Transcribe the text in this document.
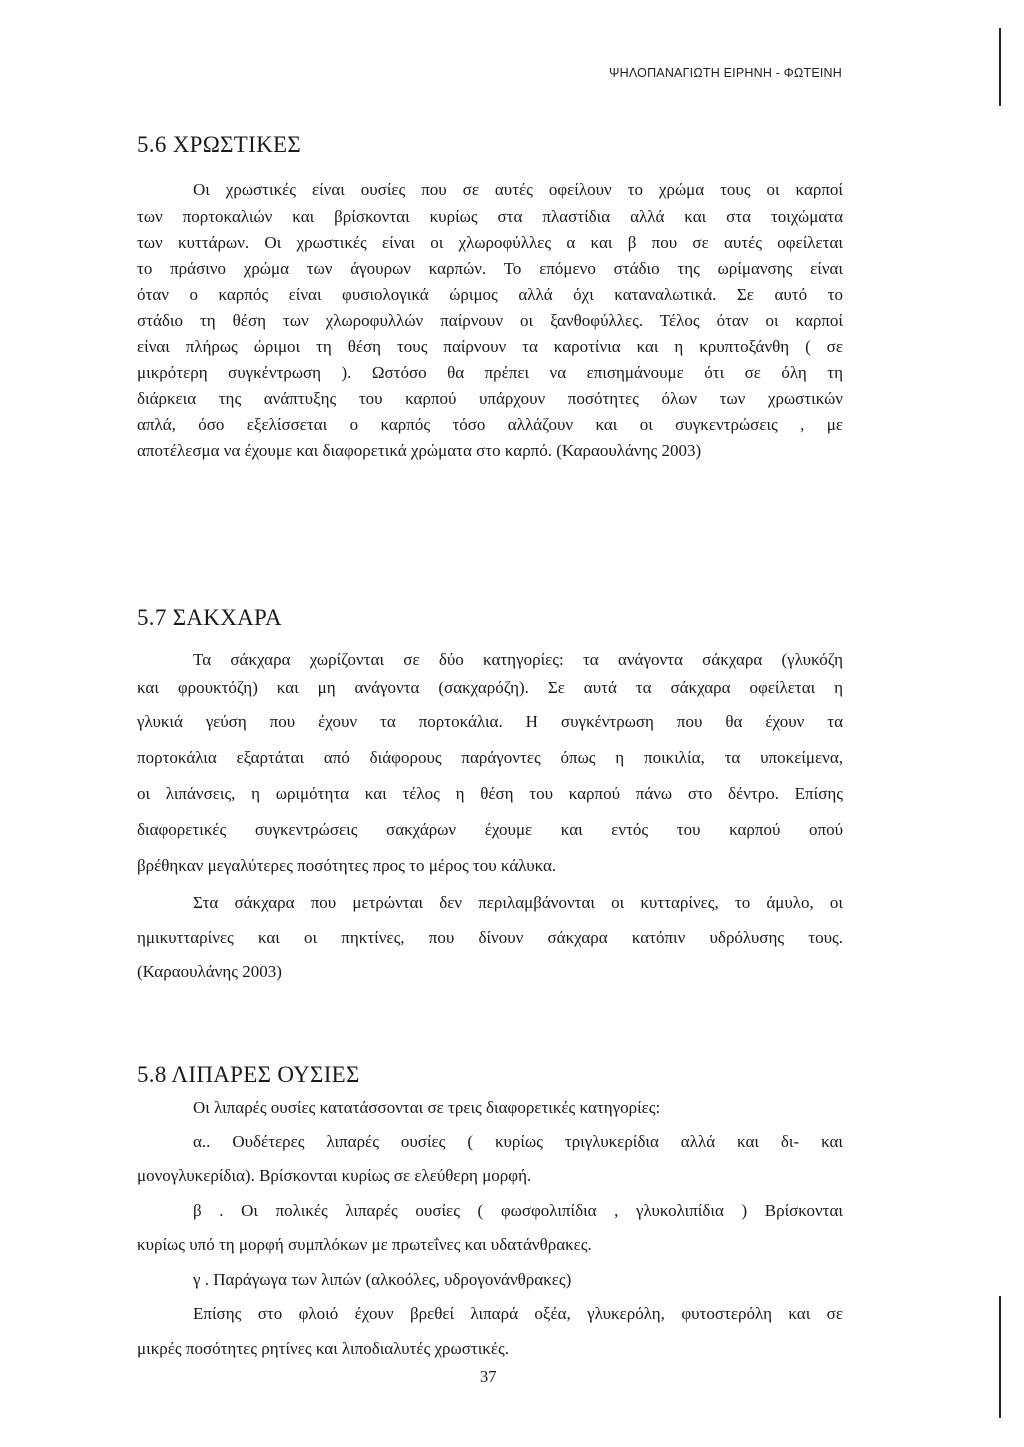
ΨΗΛΟΠΑΝΑΓΙΩΤΗ ΕΙΡΗΝΗ - ΦΩΤΕΙΝΗ
5.6 ΧΡΩΣΤΙΚΕΣ
Οι χρωστικές είναι ουσίες που σε αυτές οφείλουν το χρώμα τους οι καρποί
των πορτοκαλιών και βρίσκονται κυρίως στα πλαστίδια αλλά και στα τοιχώματα
των κυττάρων. Οι χρωστικές είναι οι χλωροφύλλες α και β που σε αυτές οφείλεται
το πράσινο χρώμα των άγουρων καρπών. Το επόμενο στάδιο της ωρίμανσης είναι
όταν ο καρπός είναι φυσιολογικά ώριμος αλλά όχι καταναλωτικά. Σε αυτό το
στάδιο τη θέση των χλωροφυλλών παίρνουν οι ξανθοφύλλες. Τέλος όταν οι καρποί
είναι πλήρως ώριμοι τη θέση τους παίρνουν τα καροτίνια και η κρυπτοξάνθη ( σε
μικρότερη συγκέντρωση ). Ωστόσο θα πρέπει να επισημάνουμε ότι σε όλη τη
διάρκεια της ανάπτυξης του καρπού υπάρχουν ποσότητες όλων των χρωστικών
απλά, όσο εξελίσσεται ο καρπός τόσο αλλάζουν και οι συγκεντρώσεις , με
αποτέλεσμα να έχουμε και διαφορετικά χρώματα στο καρπό. (Καραουλάνης 2003)
5.7 ΣΑΚΧΑΡΑ
Τα σάκχαρα χωρίζονται σε δύο κατηγορίες: τα ανάγοντα σάκχαρα (γλυκόζη
και φρουκτόζη) και μη ανάγοντα (σακχαρόζη). Σε αυτά τα σάκχαρα οφείλεται η
γλυκιά γεύση που έχουν τα πορτοκάλια. Η συγκέντρωση που θα έχουν τα
πορτοκάλια εξαρτάται από διάφορους παράγοντες όπως η ποικιλία, τα υποκείμενα,
οι λιπάνσεις, η ωριμότητα και τέλος η θέση του καρπού πάνω στο δέντρο. Επίσης
διαφορετικές συγκεντρώσεις σακχάρων έχουμε και εντός του καρπού οπού
βρέθηκαν μεγαλύτερες ποσότητες προς το μέρος του κάλυκα.
Στα σάκχαρα που μετρώνται δεν περιλαμβάνονται οι κυτταρίνες, το άμυλο, οι
ημικυτταρίνες και οι πηκτίνες, που δίνουν σάκχαρα κατόπιν υδρόλυσης τους.
(Καραουλάνης 2003)
5.8 ΛΙΠΑΡΕΣ ΟΥΣΙΕΣ
Οι λιπαρές ουσίες κατατάσσονται σε τρεις διαφορετικές κατηγορίες:
α.. Ουδέτερες λιπαρές ουσίες ( κυρίως τριγλυκερίδια αλλά και δι- και
μονογλυκερίδια). Βρίσκονται κυρίως σε ελεύθερη μορφή.
β . Οι πολικές λιπαρές ουσίες ( φωσφολιπίδια , γλυκολιπίδια ) Βρίσκονται
κυρίως υπό τη μορφή συμπλόκων με πρωτεΐνες και υδατάνθρακες.
γ . Παράγωγα των λιπών (αλκοόλες, υδρογονάνθρακες)
Επίσης στο φλοιό έχουν βρεθεί λιπαρά οξέα, γλυκερόλη, φυτοστερόλη και σε
μικρές ποσότητες ρητίνες και λιποδιαλυτές χρωστικές.
37
